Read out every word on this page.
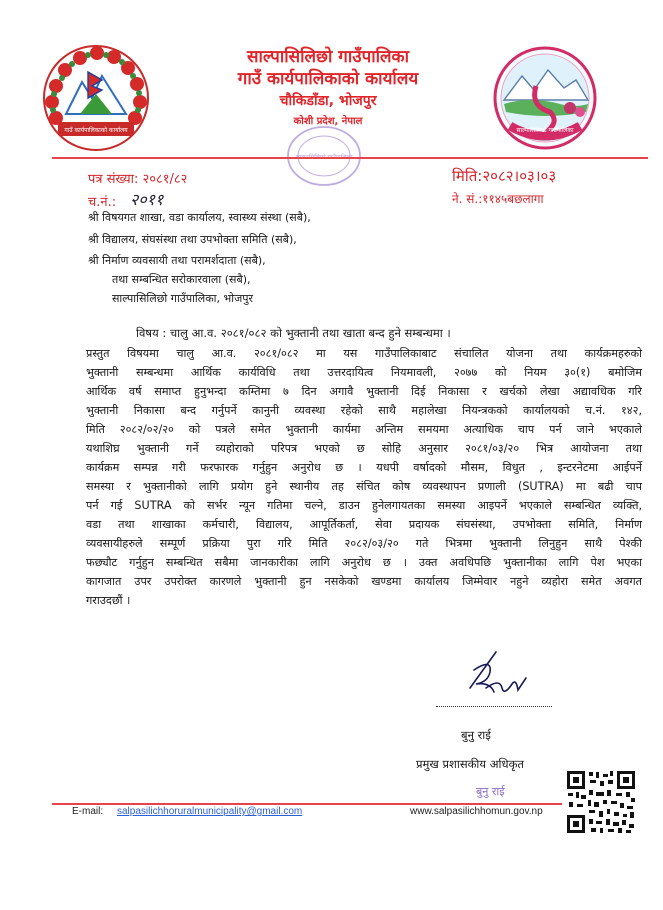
गाउँ कार्यपालिकाको कार्यालय
साल्पासिलिछो गाउँपालिका
गाउँ कार्यपालिकाको कार्यालय
चौकिडाँडा, भोजपुर
कोशी प्रदेश, नेपाल
साल्पासिलिछो गाउँपालिका
पत्र संख्या: २०८१/८२	मिति:२०८२।०३।०३
च.नं.: २०११	ने. सं.:११४५बछलागा
श्री विषयगत शाखा, वडा कार्यालय, स्वास्थ्य संस्था (सबै),
श्री विद्यालय, संघसंस्था तथा उपभोक्ता समिति (सबै),
श्री निर्माण व्यवसायी तथा परामर्शदाता (सबै),
तथा सम्बन्धित सरोकारवाला (सबै),
साल्पासिलिछो गाउँपालिका, भोजपुर
विषय : चालु आ.व. २०८१/०८२ को भुक्तानी तथा खाता बन्द हुने सम्बन्धमा ।
प्रस्तुत विषयमा चालु आ.व. २०८१/०८२ मा यस गाउँपालिकाबाट संचालित योजना तथा कार्यक्रमहरुको
भुक्तानी सम्बन्धमा आर्थिक कार्यविधि तथा उत्तरदायित्व नियमावली, २०७७ को नियम ३०(१) बमोजिम
आर्थिक वर्ष समाप्त हुनुभन्दा कम्तिमा ७ दिन अगावै भुक्तानी दिई निकासा र खर्चको लेखा अद्यावधिक गरि
भुक्तानी निकासा बन्द गर्नुपर्ने कानुनी व्यवस्था रहेको साथै महालेखा नियन्त्रकको कार्यालयको च.नं. १४२,
मिति २०८२/०२/२० को पत्रले समेत भुक्तानी कार्यमा अन्तिम समयमा अत्याधिक चाप पर्न जाने भएकाले
यथाशिघ्र भुक्तानी गर्ने व्यहोराको परिपत्र भएको छ सोहि अनुसार २०८१/०३/२० भित्र आयोजना तथा
कार्यक्रम सम्पन्न गरी फरफारक गर्नुहुन अनुरोध छ । यधपी वर्षादको मौसम, विधुत , इन्टरनेटमा आईपर्ने
समस्या र भुक्तानीको लागि प्रयोग हुने स्थानीय तह संचित कोष व्यवस्थापन प्रणाली (SUTRA) मा बढी चाप
पर्न गई SUTRA को सर्भर न्यून गतिमा चल्ने, डाउन हुनेलगायतका समस्या आइपर्ने भएकाले सम्बन्धित व्यक्ति,
वडा तथा शाखाका कर्मचारी, विद्यालय, आपूर्तिकर्ता, सेवा प्रदायक संघसंस्था, उपभोक्ता समिति, निर्माण
व्यवसायीहरुले सम्पूर्ण प्रक्रिया पुरा गरि मिति २०८२/०३/२० गते भित्रमा भुक्तानी लिनुहुन साथै पेश्की
फछ्यौट गर्नुहुन सम्बन्धित सबैमा जानकारीका लागि अनुरोध छ । उक्त अवधिपछि भुक्तानीका लागि पेश भएका
कागजात उपर उपरोक्त कारणले भुक्तानी हुन नसकेको खण्डमा कार्यालय जिम्मेवार नहुने व्यहोरा समेत अवगत
गराउदछौं ।
बुनु राई
प्रमुख प्रशासकीय अधिकृत
बुनु राई
E-mail: salpasilichhoruralmunicipality@gmail.com	www.salpasilichhomun.gov.np
